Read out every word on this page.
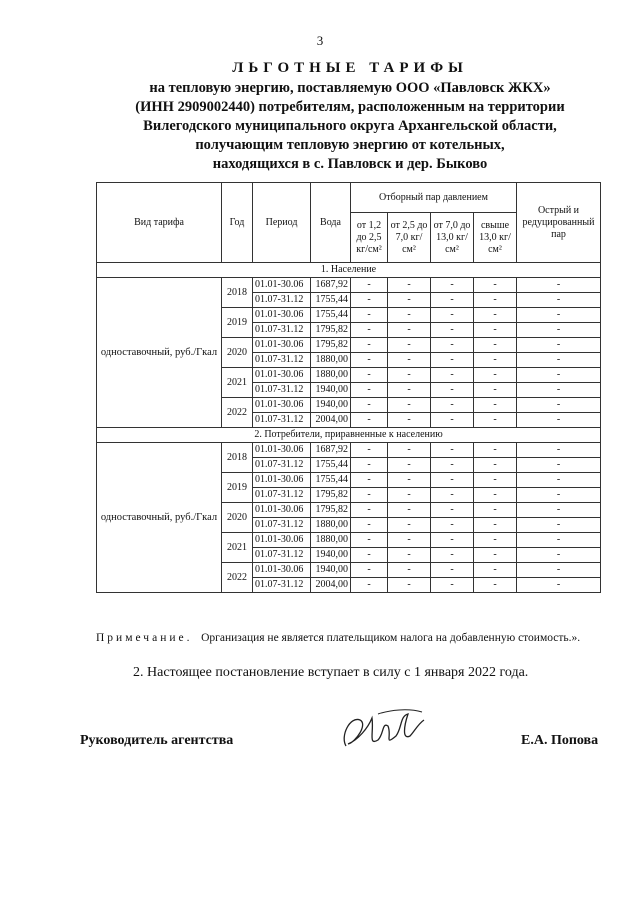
3
ЛЬГОТНЫЕ ТАРИФЫ
на тепловую энергию, поставляемую ООО «Павловск ЖКХ»
(ИНН 2909002440) потребителям, расположенным на территории
Вилегодского муниципального округа Архангельской области,
получающим тепловую энергию от котельных,
находящихся в с. Павловск и дер. Быково
Вид тарифа	Год	Период	Вода	Отборный пар давлением				Острый и редуцированный пар
				от 1,2 до 2,5 кг/см²	от 2,5 до 7,0 кг/см²	от 7,0 до 13,0 кг/см²	свыше 13,0 кг/см²	
1. Население								
одноставочный, руб./Гкал	2018	01.01-30.06	1687,92	-	-	-	-	-
		01.07-31.12	1755,44	-	-	-	-	-
	2019	01.01-30.06	1755,44	-	-	-	-	-
		01.07-31.12	1795,82	-	-	-	-	-
	2020	01.01-30.06	1795,82	-	-	-	-	-
		01.07-31.12	1880,00	-	-	-	-	-
	2021	01.01-30.06	1880,00	-	-	-	-	-
		01.07-31.12	1940,00	-	-	-	-	-
	2022	01.01-30.06	1940,00	-	-	-	-	-
		01.07-31.12	2004,00	-	-	-	-	-
2. Потребители, приравненные к населению								
одноставочный, руб./Гкал	2018	01.01-30.06	1687,92	-	-	-	-	-
		01.07-31.12	1755,44	-	-	-	-	-
	2019	01.01-30.06	1755,44	-	-	-	-	-
		01.07-31.12	1795,82	-	-	-	-	-
	2020	01.01-30.06	1795,82	-	-	-	-	-
		01.07-31.12	1880,00	-	-	-	-	-
	2021	01.01-30.06	1880,00	-	-	-	-	-
		01.07-31.12	1940,00	-	-	-	-	-
	2022	01.01-30.06	1940,00	-	-	-	-	-
		01.07-31.12	2004,00	-	-	-	-	-
Примечание. Организация не является плательщиком налога на добавленную стоимость.».
2. Настоящее постановление вступает в силу с 1 января 2022 года.
Руководитель агентства	Е.А. Попова
